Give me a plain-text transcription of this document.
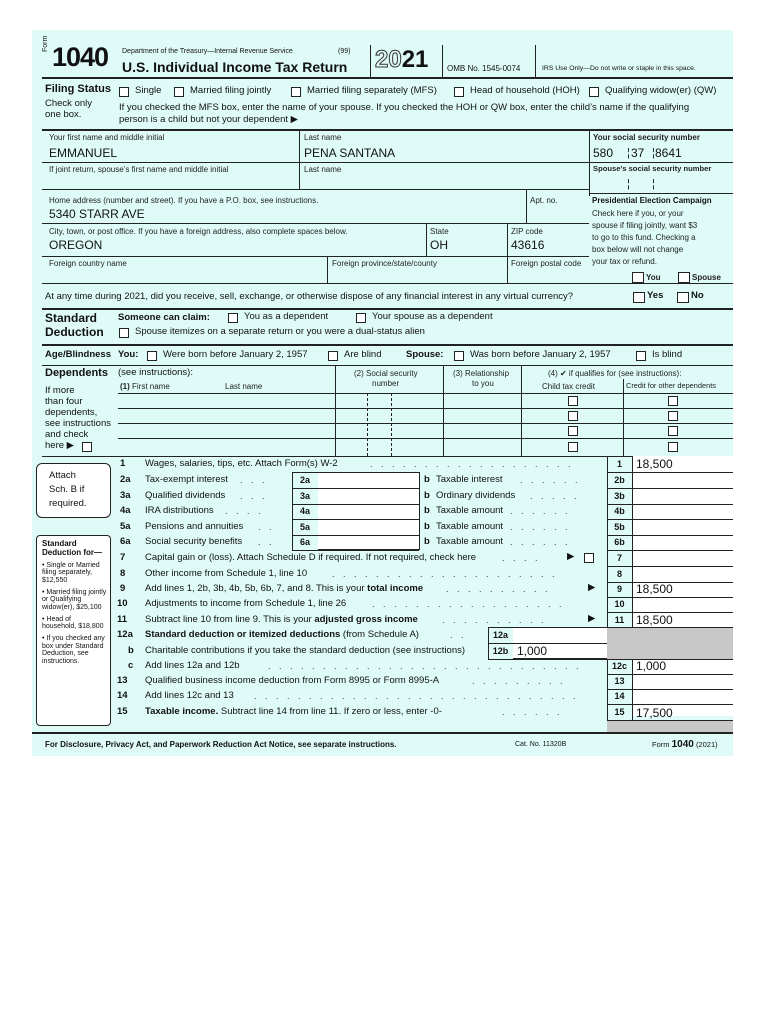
Form 1040 Department of the Treasury—Internal Revenue Service	(99)
U.S. Individual Income Tax Return 2021 OMB No. 1545-0074	IRS Use Only—Do not write or staple in this space.
Filing Status
Check only
one box.
Single	Married filing jointly	Married filing separately (MFS)	Head of household (HOH)	Qualifying widow(er) (QW)
If you checked the MFS box, enter the name of your spouse. If you checked the HOH or QW box, enter the child’s name if the qualifying
person is a child but not your dependent ▶
Your first name and middle initial
EMMANUEL
Last name
PENA SANTANA
Your social security number
580 ¦ 37 ¦ 8641
If joint return, spouse’s first name and middle initial	Last name	Spouse’s social security number
¦ ¦
Home address (number and street). If you have a P.O. box, see instructions.
5340 STARR AVE
Apt. no.
City, town, or post office. If you have a foreign address, also complete spaces below.
OREGON
State
OH
ZIP code
43616
Foreign country name	Foreign province/state/county	Foreign postal code
Presidential Election Campaign
Check here if you, or your
spouse if filing jointly, want $3
to go to this fund. Checking a
box below will not change
your tax or refund.
You	Spouse
At any time during 2021, did you receive, sell, exchange, or otherwise dispose of any financial interest in any virtual currency?	Yes	No
Standard
Deduction
Someone can claim:	You as a dependent	Your spouse as a dependent
Spouse itemizes on a separate return or you were a dual-status alien
Age/Blindness You:	Were born before January 2, 1957	Are blind	Spouse:	Was born before January 2, 1957	Is blind
Dependents (see instructions):
If more
than four
dependents,
see instructions
and check
here ▶
(1) First name	Last name
(2) Social security
number
(3) Relationship
to you
(4) ✔ if qualifies for (see instructions):
Child tax credit	Credit for other dependents
Attach
Sch. B if
required.
Standard Deduction for—
• Single or Married filing separately, $12,550
• Married filing jointly or Qualifying widow(er), $25,100
• Head of household, $18,800
• If you checked any box under Standard Deduction, see instructions.
1 Wages, salaries, tips, etc. Attach Form(s) W-2	. . . . . . . . . . . . . . . . . . .	1	18,500
2a Tax-exempt interest . . .	2a	b Taxable interest . . . . . .	2b
3a Qualified dividends . . .	3a	b Ordinary dividends . . . . .	3b
4a IRA distributions . . . .	4a	b Taxable amount . . . . . .	4b
5a Pensions and annuities . .	5a	b Taxable amount . . . . . .	5b
6a Social security benefits . .	6a	b Taxable amount . . . . . .	6b
7 Capital gain or (loss). Attach Schedule D if required. If not required, check here	. . . .	▶	7
8 Other income from Schedule 1, line 10	. . . . . . . . . . . . . . . . . . . . .	8
9 Add lines 1, 2b, 3b, 4b, 5b, 6b, 7, and 8. This is your total income	. . . . . . . . . .	▶	9	18,500
10 Adjustments to income from Schedule 1, line 26	. . . . . . . . . . . . . . . . . .	10
11 Subtract line 10 from line 9. This is your adjusted gross income	. . . . . . . . . .	▶	11 18,500
12a Standard deduction or itemized deductions (from Schedule A)	. .	12a
b Charitable contributions if you take the standard deduction (see instructions)	12b 1,000
c Add lines 12a and 12b	. . . . . . . . . . . . . . . . . . . . . . . . . . . . .	12c 1,000
13 Qualified business income deduction from Form 8995 or Form 8995-A	. . . . . . . . .	13
14 Add lines 12c and 13 . . . . . . . . . . . . . . . . . . . . . . . . . . . . . .	14
15 Taxable income. Subtract line 14 from line 11. If zero or less, enter -0-	. . . . . .	15 17,500
For Disclosure, Privacy Act, and Paperwork Reduction Act Notice, see separate instructions.	Cat. No. 11320B	Form 1040 (2021)
